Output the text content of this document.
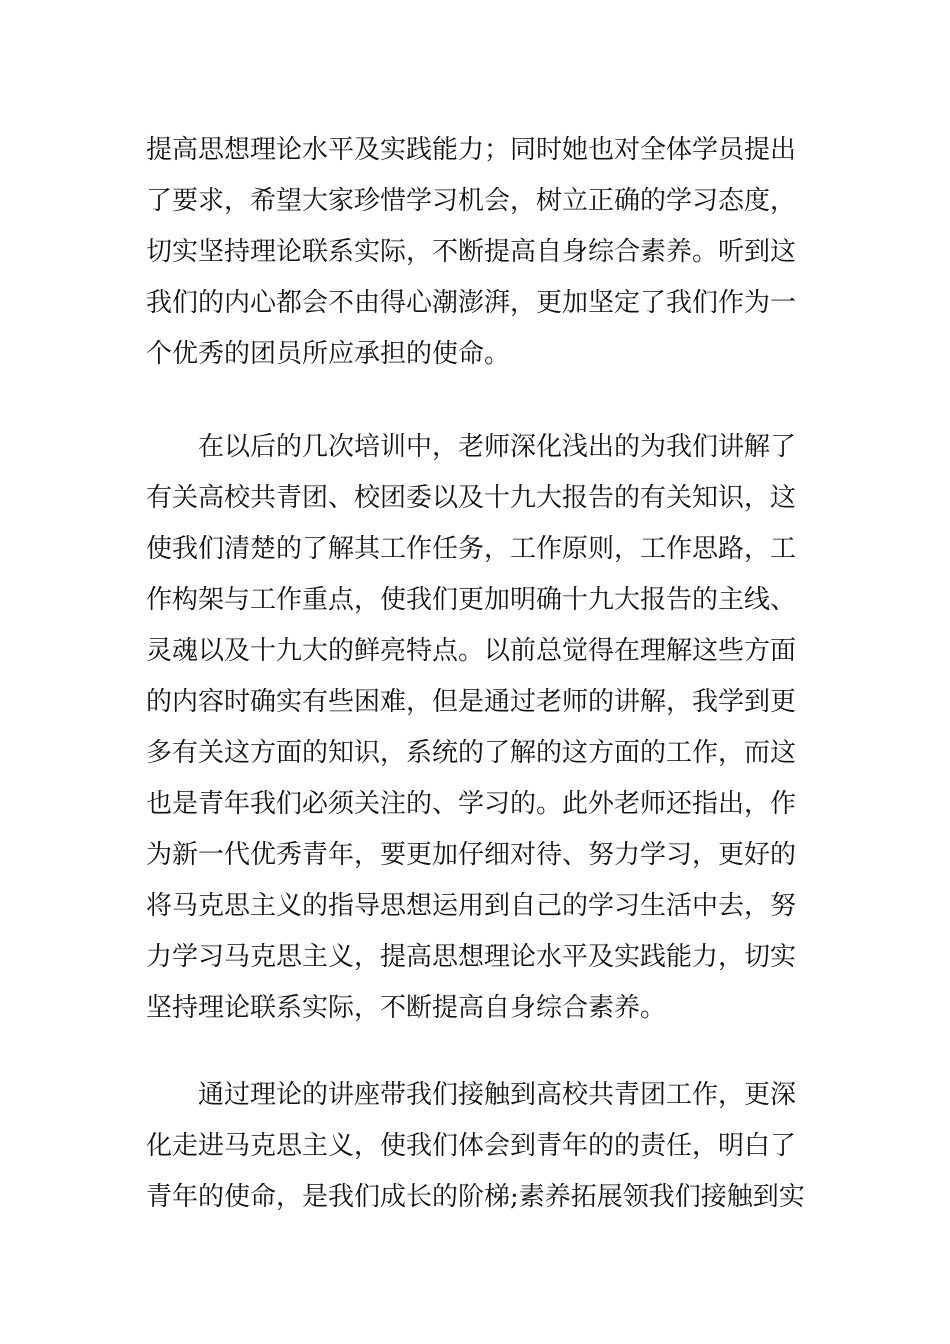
提高思想理论水平及实践能力；同时她也对全体学员提出
了要求，希望大家珍惜学习机会，树立正确的学习态度，
切实坚持理论联系实际，不断提高自身综合素养。听到这
我们的内心都会不由得心潮澎湃，更加坚定了我们作为一
个优秀的团员所应承担的使命。
在以后的几次培训中，老师深化浅出的为我们讲解了
有关高校共青团、校团委以及十九大报告的有关知识，这
使我们清楚的了解其工作任务，工作原则，工作思路，工
作构架与工作重点，使我们更加明确十九大报告的主线、
灵魂以及十九大的鲜亮特点。以前总觉得在理解这些方面
的内容时确实有些困难，但是通过老师的讲解，我学到更
多有关这方面的知识，系统的了解的这方面的工作，而这
也是青年我们必须关注的、学习的。此外老师还指出，作
为新一代优秀青年，要更加仔细对待、努力学习，更好的
将马克思主义的指导思想运用到自己的学习生活中去，努
力学习马克思主义，提高思想理论水平及实践能力，切实
坚持理论联系实际，不断提高自身综合素养。
通过理论的讲座带我们接触到高校共青团工作，更深
化走进马克思主义，使我们体会到青年的的责任，明白了
青年的使命，是我们成长的阶梯;素养拓展领我们接触到实
